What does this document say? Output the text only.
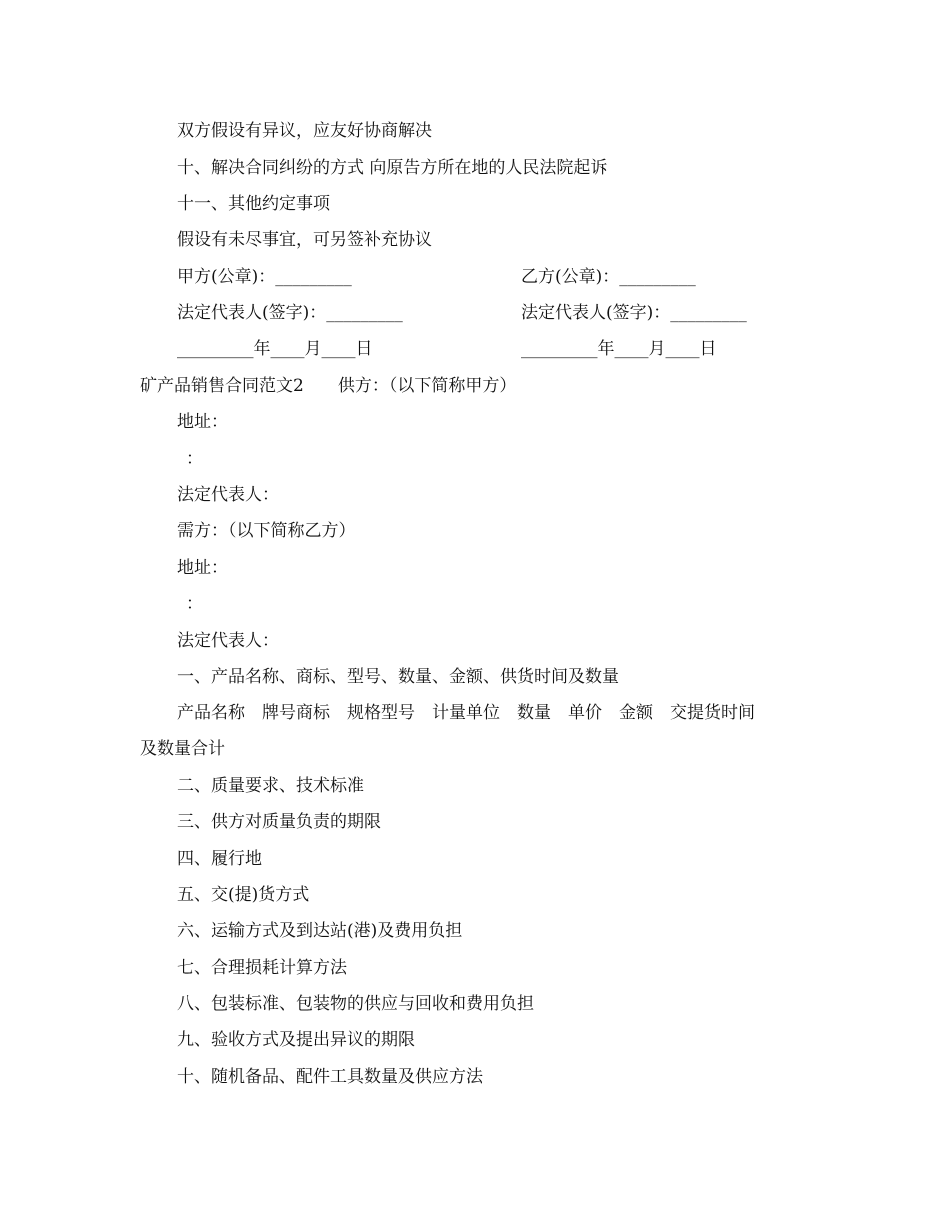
双方假设有异议，应友好协商解决
十、解决合同纠纷的方式 向原告方所在地的人民法院起诉
十一、其他约定事项
假设有未尽事宜，可另签补充协议
甲方(公章)：_________	乙方(公章)：_________
法定代表人(签字)：_________	法定代表人(签字)：_________
_________年____月____日	_________年____月____日
矿产品销售合同范文2　　供方：（以下简称甲方）
地址：
：
法定代表人：
需方：（以下简称乙方）
地址：
：
法定代表人：
一、产品名称、商标、型号、数量、金额、供货时间及数量
产品名称　牌号商标　规格型号　计量单位　数量　单价　金额　交提货时间
及数量合计
二、质量要求、技术标准
三、供方对质量负责的期限
四、履行地
五、交(提)货方式
六、运输方式及到达站(港)及费用负担
七、合理损耗计算方法
八、包装标准、包装物的供应与回收和费用负担
九、验收方式及提出异议的期限
十、随机备品、配件工具数量及供应方法
